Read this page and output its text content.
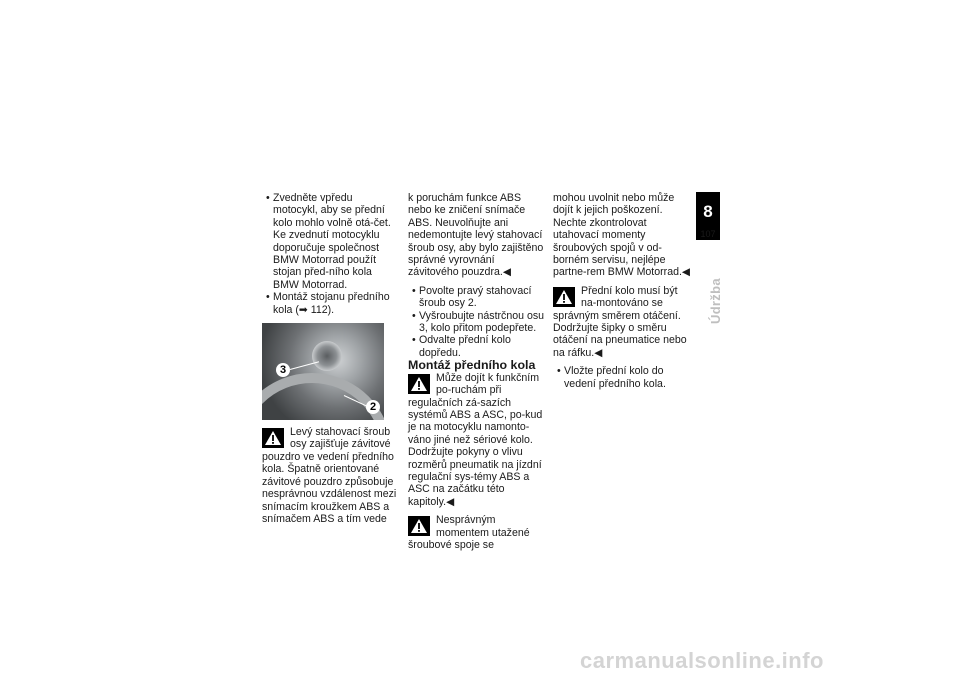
• Zvedněte vpředu motocykl, aby se přední kolo mohlo volně otá-čet. Ke zvednutí motocyklu doporučuje společnost BMW Motorrad použít stojan před-ního kola BMW Motorrad.

• Montáž stojanu předního kola (➡ 112).

3
2

Levý stahovací šroub osy zajišťuje závitové pouzdro ve vedení předního kola. Špatně orientované závitové pouzdro způsobuje nesprávnou vzdálenost mezi snímacím kroužkem ABS a snímačem ABS a tím vede

k poruchám funkce ABS nebo ke zničení snímače ABS. Neuvolňujte ani nedemontujte levý stahovací šroub osy, aby bylo zajištěno správné vyrovnání závitového pouzdra.◀

• Povolte pravý stahovací šroub osy 2.

• Vyšroubujte nástrčnou osu 3, kolo přitom podepřete.

• Odvalte přední kolo dopředu.

Montáž předního kola

Může dojít k funkčním po-ruchám při regulačních zá-sazích systémů ABS a ASC, po-kud je na motocyklu namonto-váno jiné než sériové kolo. Dodržujte pokyny o vlivu rozměrů pneumatik na jízdní regulační sys-témy ABS a ASC na začátku této kapitoly.◀

Nesprávným momentem utažené šroubové spoje se

mohou uvolnit nebo může dojít k jejich poškození. Nechte zkontrolovat utahovací momenty šroubových spojů v od-borném servisu, nejlépe partne-rem BMW Motorrad.◀

Přední kolo musí být na-montováno se správným směrem otáčení. Dodržujte šipky o směru otáčení na pneumatice nebo na ráfku.◀

• Vložte přední kolo do vedení předního kola.

8
107
Údržba
carmanualsonline.info
